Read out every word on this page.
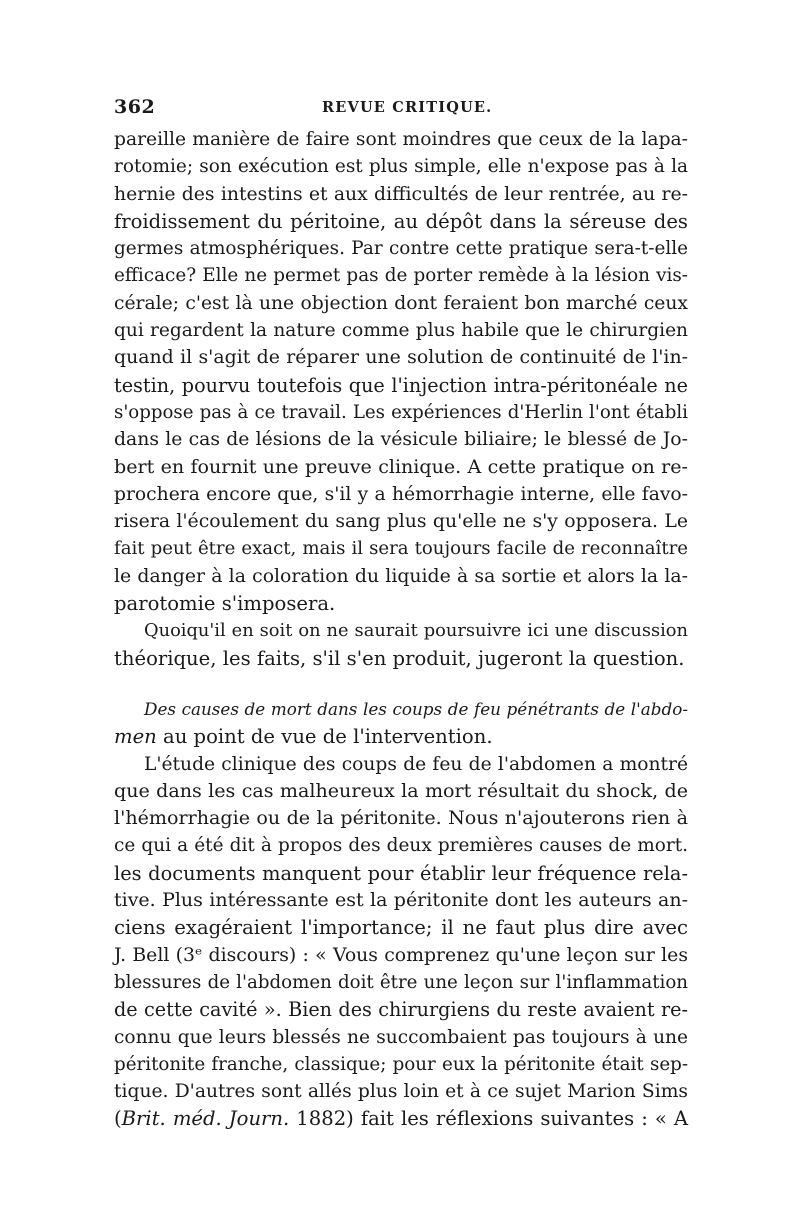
362	REVUE CRITIQUE.
pareille manière de faire sont moindres que ceux de la lapa-
rotomie; son exécution est plus simple, elle n'expose pas à la
hernie des intestins et aux difficultés de leur rentrée, au re-
froidissement du péritoine, au dépôt dans la séreuse des
germes atmosphériques. Par contre cette pratique sera-t-elle
efficace? Elle ne permet pas de porter remède à la lésion vis-
cérale; c'est là une objection dont feraient bon marché ceux
qui regardent la nature comme plus habile que le chirurgien
quand il s'agit de réparer une solution de continuité de l'in-
testin, pourvu toutefois que l'injection intra-péritonéale ne
s'oppose pas à ce travail. Les expériences d'Herlin l'ont établi
dans le cas de lésions de la vésicule biliaire; le blessé de Jo-
bert en fournit une preuve clinique. A cette pratique on re-
prochera encore que, s'il y a hémorrhagie interne, elle favo-
risera l'écoulement du sang plus qu'elle ne s'y opposera. Le
fait peut être exact, mais il sera toujours facile de reconnaître
le danger à la coloration du liquide à sa sortie et alors la la-
parotomie s'imposera.
Quoiqu'il en soit on ne saurait poursuivre ici une discussion
théorique, les faits, s'il s'en produit, jugeront la question.
Des causes de mort dans les coups de feu pénétrants de l'abdo-
men au point de vue de l'intervention.
L'étude clinique des coups de feu de l'abdomen a montré
que dans les cas malheureux la mort résultait du shock, de
l'hémorrhagie ou de la péritonite. Nous n'ajouterons rien à
ce qui a été dit à propos des deux premières causes de mort.
les documents manquent pour établir leur fréquence rela-
tive. Plus intéressante est la péritonite dont les auteurs an-
ciens exagéraient l'importance; il ne faut plus dire avec
J. Bell (3ᵉ discours) : « Vous comprenez qu'une leçon sur les
blessures de l'abdomen doit être une leçon sur l'inflammation
de cette cavité ». Bien des chirurgiens du reste avaient re-
connu que leurs blessés ne succombaient pas toujours à une
péritonite franche, classique; pour eux la péritonite était sep-
tique. D'autres sont allés plus loin et à ce sujet Marion Sims
(Brit. méd. Journ. 1882) fait les réflexions suivantes : « A
